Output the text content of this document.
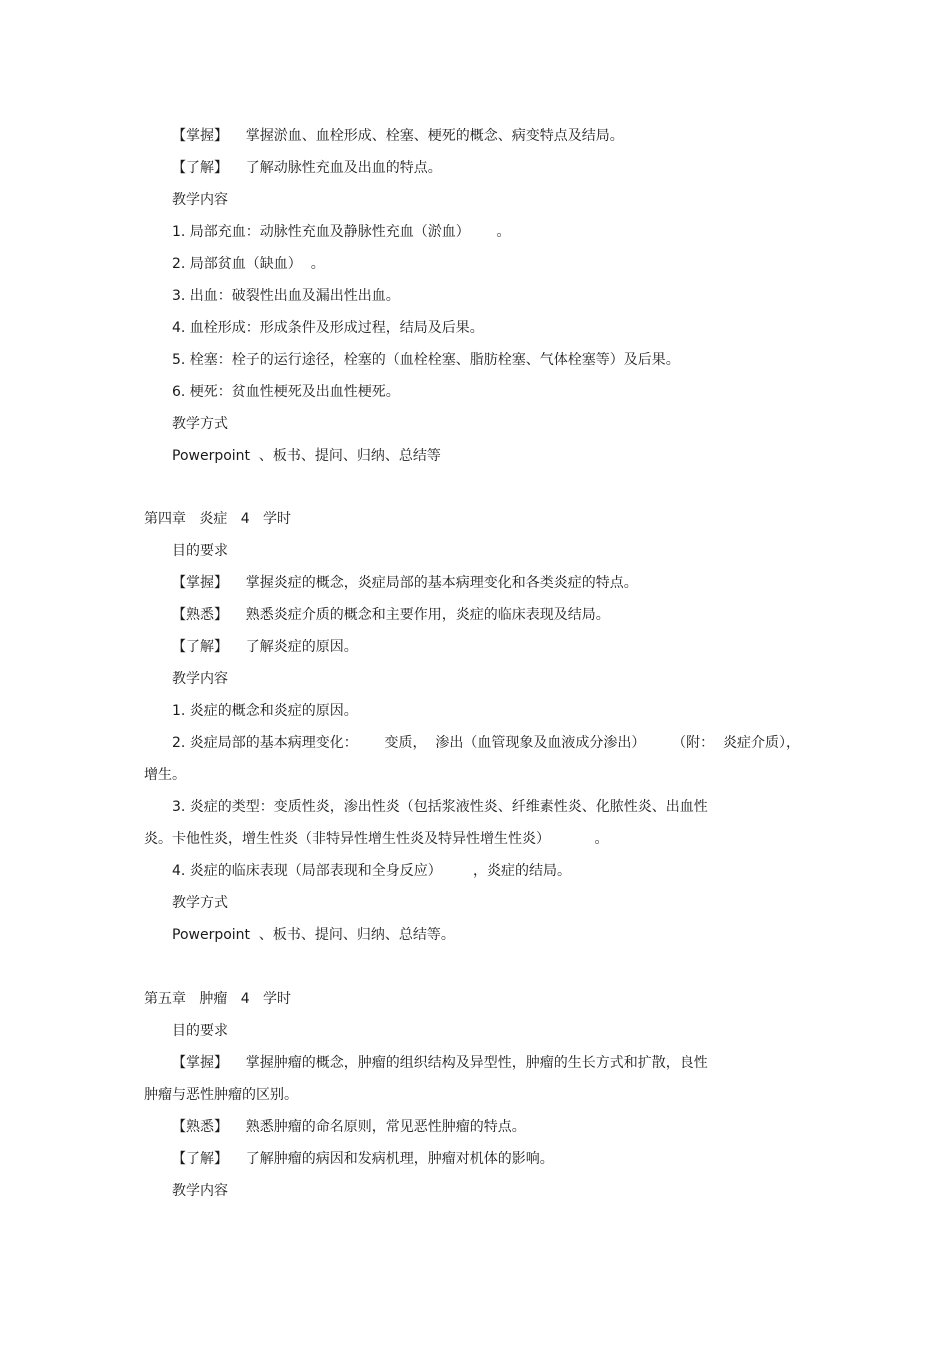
【掌握】    掌握淤血、血栓形成、栓塞、梗死的概念、病变特点及结局。
【了解】    了解动脉性充血及出血的特点。
教学内容
1. 局部充血：动脉性充血及静脉性充血（淤血）      。
2. 局部贫血（缺血）  。
3. 出血：破裂性出血及漏出性出血。
4. 血栓形成：形成条件及形成过程，结局及后果。
5. 栓塞：栓子的运行途径，栓塞的（血栓栓塞、脂肪栓塞、气体栓塞等）及后果。
6. 梗死：贫血性梗死及出血性梗死。
教学方式
Powerpoint  、板书、提问、归纳、总结等
第四章   炎症   4   学时
目的要求
【掌握】    掌握炎症的概念，炎症局部的基本病理变化和各类炎症的特点。
【熟悉】    熟悉炎症介质的概念和主要作用，炎症的临床表现及结局。
【了解】    了解炎症的原因。
教学内容
1. 炎症的概念和炎症的原因。
2. 炎症局部的基本病理变化：      变质，  渗出（血管现象及血液成分渗出）      （附：  炎症介质），
增生。
3. 炎症的类型：变质性炎，渗出性炎（包括浆液性炎、纤维素性炎、化脓性炎、出血性
炎。卡他性炎，增生性炎（非特异性增生性炎及特异性增生性炎）          。
4. 炎症的临床表现（局部表现和全身反应）       ，炎症的结局。
教学方式
Powerpoint  、板书、提问、归纳、总结等。
第五章   肿瘤   4   学时
目的要求
【掌握】    掌握肿瘤的概念，肿瘤的组织结构及异型性，肿瘤的生长方式和扩散，良性
肿瘤与恶性肿瘤的区别。
【熟悉】    熟悉肿瘤的命名原则，常见恶性肿瘤的特点。
【了解】    了解肿瘤的病因和发病机理，肿瘤对机体的影响。
教学内容
